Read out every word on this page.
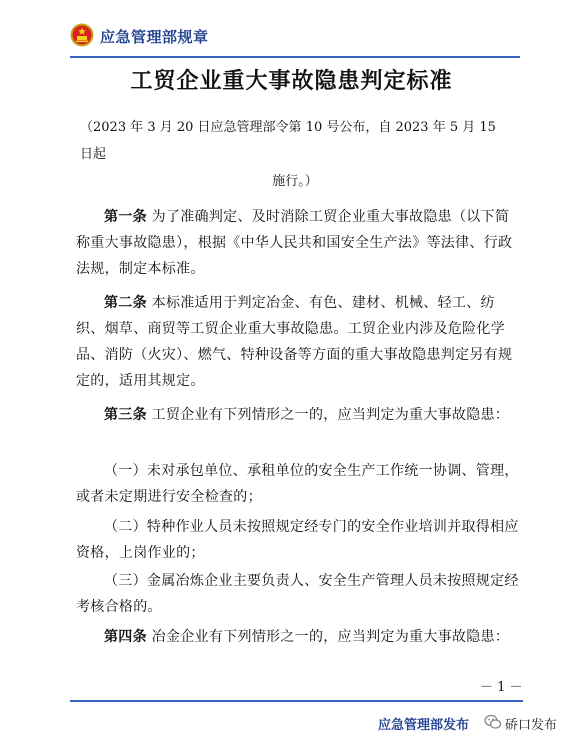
应急管理部规章
工贸企业重大事故隐患判定标准
（2023 年 3 月 20 日应急管理部令第 10 号公布，自 2023 年 5 月 15 日起
施行。）

第一条 为了准确判定、及时消除工贸企业重大事故隐患（以下简称重大事故隐患），根据《中华人民共和国安全生产法》等法律、行政法规，制定本标准。

第二条 本标准适用于判定冶金、有色、建材、机械、轻工、纺织、烟草、商贸等工贸企业重大事故隐患。工贸企业内涉及危险化学品、消防（火灾）、燃气、特种设备等方面的重大事故隐患判定另有规定的，适用其规定。

第三条 工贸企业有下列情形之一的，应当判定为重大事故隐患：

（一）未对承包单位、承租单位的安全生产工作统一协调、管理，或者未定期进行安全检查的；

（二）特种作业人员未按照规定经专门的安全作业培训并取得相应资格，上岗作业的；

（三）金属冶炼企业主要负责人、安全生产管理人员未按照规定经考核合格的。

第四条 冶金企业有下列情形之一的，应当判定为重大事故隐患：

－ 1 －
应急管理部发布	硚口发布
